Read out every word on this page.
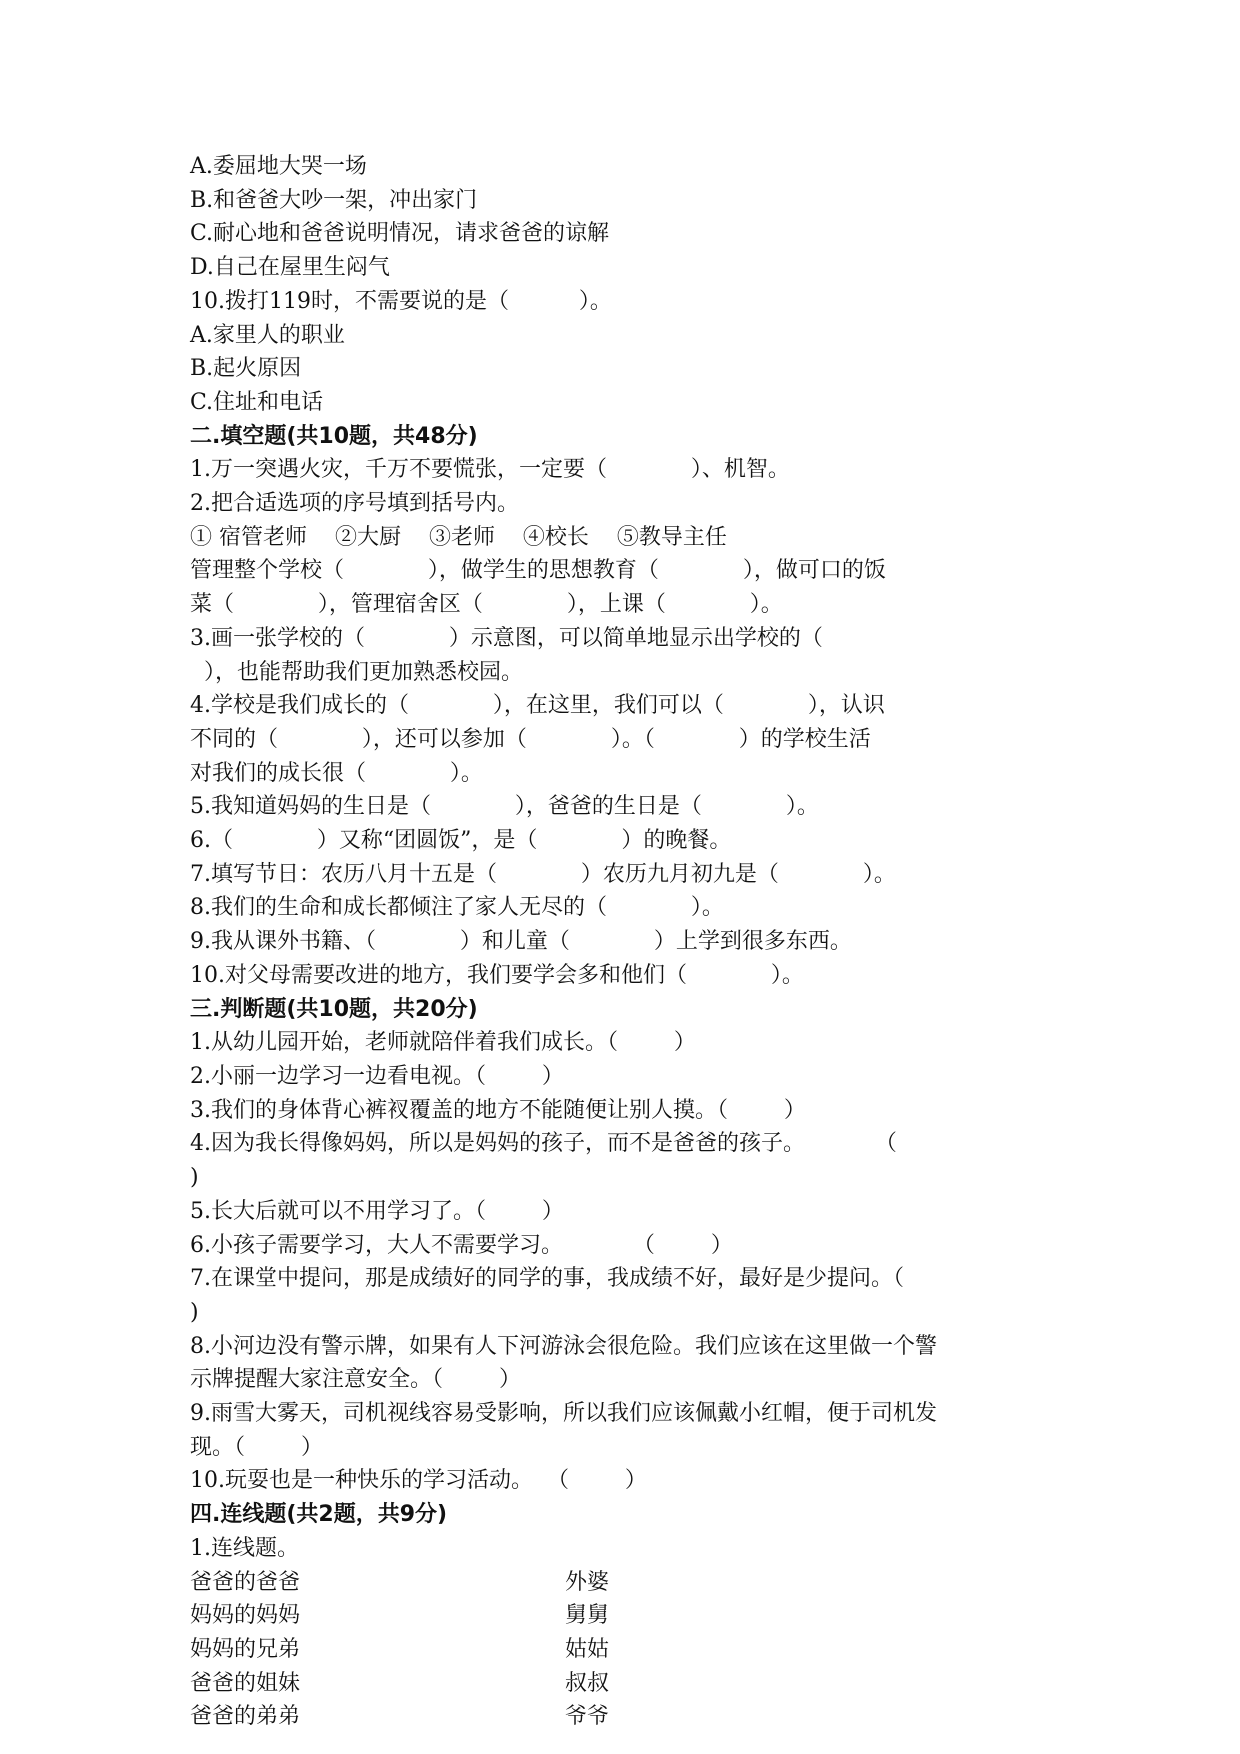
A.委屈地大哭一场
B.和爸爸大吵一架，冲出家门
C.耐心地和爸爸说明情况，请求爸爸的谅解
D.自己在屋里生闷气
10.拨打119时，不需要说的是（          ）。
A.家里人的职业
B.起火原因
C.住址和电话
二.填空题(共10题，共48分)
1.万一突遇火灾，千万不要慌张，一定要（            ）、机智。
2.把合适选项的序号填到括号内。
① 宿管老师    ②大厨    ③老师    ④校长    ⑤教导主任
管理整个学校（            ），做学生的思想教育（            ），做可口的饭
菜（            ），管理宿舍区（            ），上课（            ）。
3.画一张学校的（            ）示意图，可以简单地显示出学校的（
），也能帮助我们更加熟悉校园。
4.学校是我们成长的（            ），在这里，我们可以（            ），认识
不同的（            ），还可以参加（            ）。（            ）的学校生活
对我们的成长很（            ）。
5.我知道妈妈的生日是（            ），爸爸的生日是（            ）。
6.（            ）又称“团圆饭”，是（            ）的晚餐。
7.填写节日：农历八月十五是（            ）农历九月初九是（            ）。
8.我们的生命和成长都倾注了家人无尽的（            ）。
9.我从课外书籍、（            ）和儿童（            ）上学到很多东西。
10.对父母需要改进的地方，我们要学会多和他们（            ）。
三.判断题(共10题，共20分)
1.从幼儿园开始，老师就陪伴着我们成长。（        ）
2.小丽一边学习一边看电视。（        ）
3.我们的身体背心裤衩覆盖的地方不能随便让别人摸。（        ）
4.因为我长得像妈妈，所以是妈妈的孩子，而不是爸爸的孩子。          （
)
5.长大后就可以不用学习了。（        ）
6.小孩子需要学习，大人不需要学习。          （        ）
7.在课堂中提问，那是成绩好的同学的事，我成绩不好，最好是少提问。（
)
8.小河边没有警示牌，如果有人下河游泳会很危险。我们应该在这里做一个警
示牌提醒大家注意安全。（        ）
9.雨雪大雾天，司机视线容易受影响，所以我们应该佩戴小红帽，便于司机发
现。（        ）
10.玩耍也是一种快乐的学习活动。  （        ）
四.连线题(共2题，共9分)
1.连线题。
爸爸的爸爸	外婆
妈妈的妈妈	舅舅
妈妈的兄弟	姑姑
爸爸的姐妹	叔叔
爸爸的弟弟	爷爷
